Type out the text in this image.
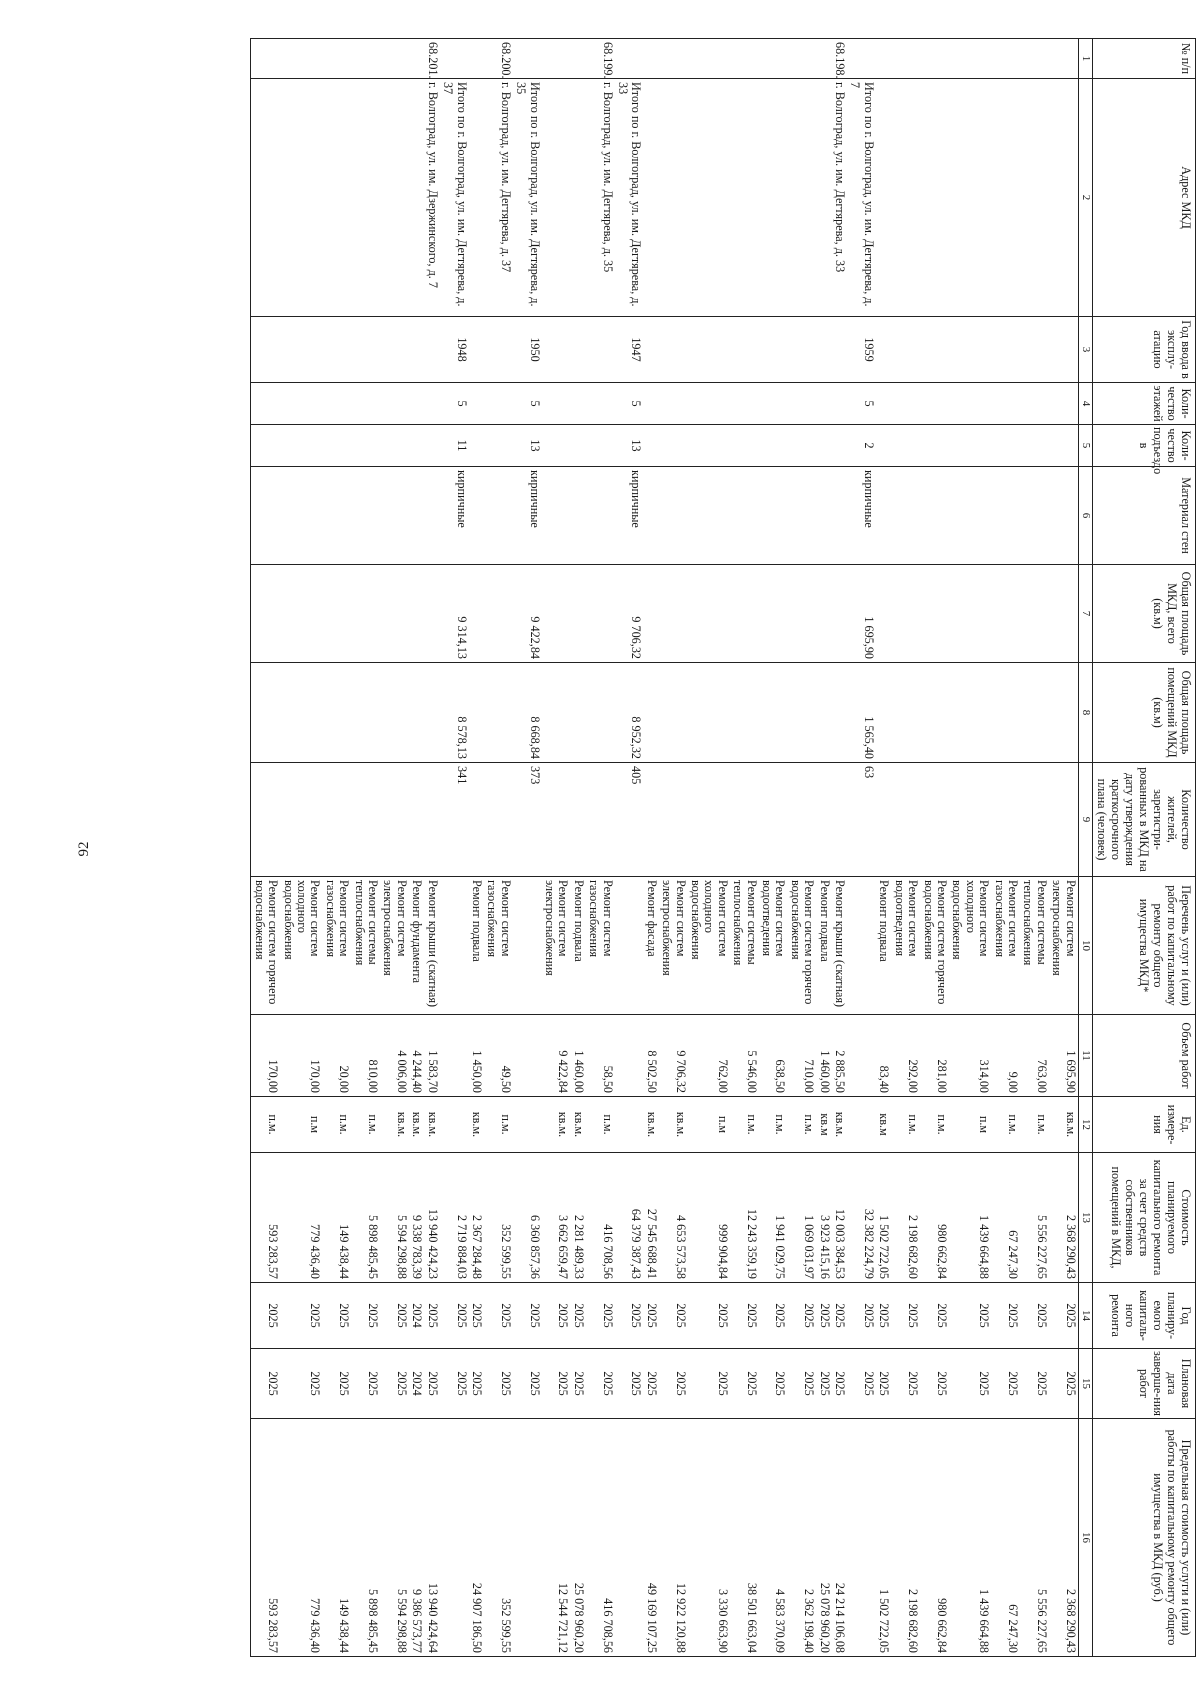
92
№ п/п	Адрес МКД	Год ввода в эксплу-атацию	Коли-чество этажей	Коли-чество подъездо в	Материал стен	Общая площадь МКД, всего (кв.м)	Общая площадь помещений МКД (кв.м)	Количество жителей, зарегистри-рованных в МКД на дату утверждения краткосрочного плана (человек)	Перечень услуг и (или) работ по капитальному ремонту общего имущества МКД*	Объем работ	Ед. измере-ния	Стоимость планируемого капитального ремонта за счет средств собственников помещений в МКД,	Год планиру-емого капиталь-ного ремонта	Плановая дата заверше-ния работ	Предельная стоимость услуги и (или) работы по капитальному ремонту общего имущества в МКД (руб.)
1	2	3	4	5	6	7	8	9	10	11	12	13	14	15	16
									Ремонт систем электроснабжения	1 695,90	кв.м.	2 368 290,43	2025	2025	2 368 290,43
									Ремонт системы теплоснабжения	763,00	п.м.	5 556 227,65	2025	2025	5 556 227,65
									Ремонт систем газоснабжения	9,00	п.м.	67 247,30	2025	2025	67 247,30
									Ремонт систем холодного водоснабжения	314,00	п.м	1 439 664,88	2025	2025	1 439 664,88
									Ремонт систем горячего водоснабжения	281,00	п.м.	980 662,84	2025	2025	980 662,84
									Ремонт систем водоотведения	292,00	п.м.	2 198 682,60	2025	2025	2 198 682,60
									Ремонт подвала	83,40	кв.м	1 502 722,05	2025	2025	1 502 722,05
	Итого по г. Волгоград, ул. им. Дегтярева, д. 7	1959	5	2	кирпичные	1 695,90	1 565,40	63				32 382 224,79	2025	2025	
68.198.	г. Волгоград, ул. им. Дегтярева, д. 33								Ремонт крыши (скатная)	2 885,50	кв.м.	12 003 384,53	2025	2025	24 214 106,08
									Ремонт подвала	1 460,00	кв.м	3 923 415,16	2025	2025	25 078 960,20
									Ремонт систем горячего водоснабжения	710,00	п.м.	1 069 031,97	2025	2025	2 362 198,40
									Ремонт систем водоотведения	638,50	п.м.	1 941 029,75	2025	2025	4 583 370,09
									Ремонт системы теплоснабжения	5 546,00	п.м.	12 243 359,19	2025	2025	38 501 663,04
									Ремонт систем холодного водоснабжения	762,00	п.м	999 904,84	2025	2025	3 330 663,90
									Ремонт систем электроснабжения	9 706,32	кв.м.	4 653 573,58	2025	2025	12 922 120,88
									Ремонт фасада	8 502,50	кв.м.	27 545 688,41	2025	2025	49 169 107,25
	Итого по г. Волгоград, ул. им. Дегтярева, д. 33	1947	5	13	кирпичные	9 706,32	8 952,32	405				64 379 387,43	2025	2025	
68.199.	г. Волгоград, ул. им. Дегтярева, д. 35								Ремонт систем газоснабжения	58,50	п.м.	416 708,56	2025	2025	416 708,56
									Ремонт подвала	1 460,00	кв.м.	2 281 489,33	2025	2025	25 078 960,20
									Ремонт систем электроснабжения	9 422,84	кв.м.	3 662 659,47	2025	2025	12 544 721,12
	Итого по г. Волгоград, ул. им. Дегтярева, д. 35	1950	5	13	кирпичные	9 422,84	8 668,84	373				6 360 857,36	2025	2025	
68.200.	г. Волгоград, ул. им. Дегтярева, д. 37								Ремонт систем газоснабжения	49,50	п.м.	352 599,55	2025	2025	352 599,55
									Ремонт подвала	1 450,00	кв.м.	2 367 284,48	2025	2025	24 907 186,50
	Итого по г. Волгоград, ул. им. Дегтярева, д. 37	1948	5	11	кирпичные	9 314,13	8 578,13	341				2 719 884,03	2025	2025	
68.201.	г. Волгоград, ул. им. Дзержинского, д. 7								Ремонт крыши (скатная)	1 583,70	кв.м.	13 940 424,23	2025	2025	13 940 424,64
									Ремонт фундамента	4 244,40	кв.м.	9 338 783,39	2024	2024	9 386 573,77
									Ремонт систем электроснабжения	4 006,00	кв.м.	5 594 298,88	2025	2025	5 594 298,88
									Ремонт системы теплоснабжения	810,00	п.м.	5 898 485,45	2025	2025	5 898 485,45
									Ремонт систем газоснабжения	20,00	п.м.	149 438,44	2025	2025	149 438,44
									Ремонт систем холодного водоснабжения	170,00	п.м	779 436,40	2025	2025	779 436,40
									Ремонт систем горячего водоснабжения	170,00	п.м.	593 283,57	2025	2025	593 283,57
